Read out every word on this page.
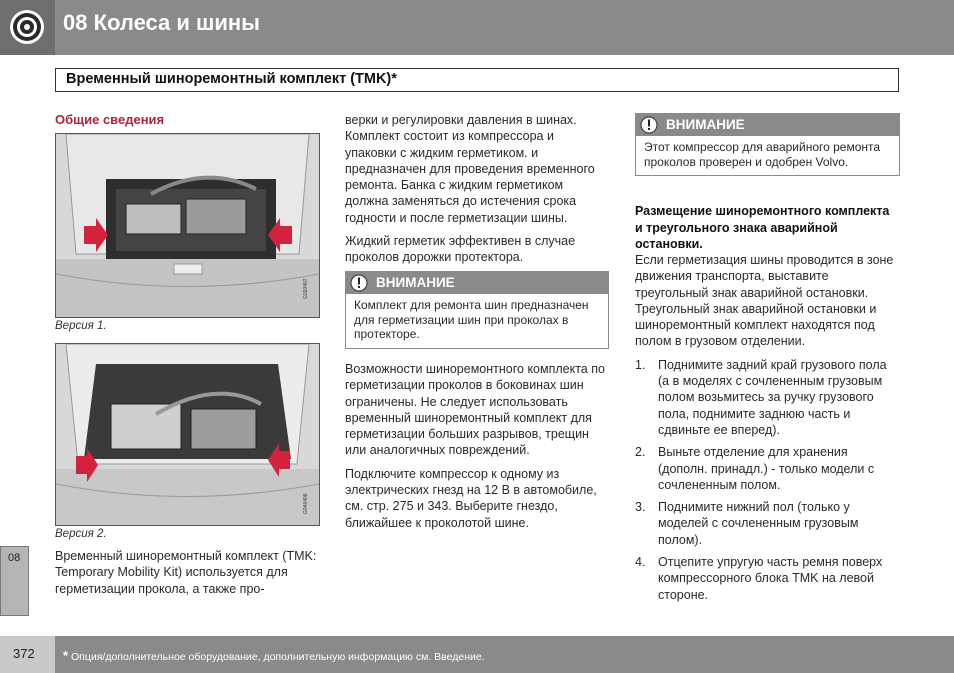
08 Колеса и шины
Временный шиноремонтный комплект (TMK)*
Общие сведения
G020407
Версия 1.
G046408
Версия 2.

Временный шиноремонтный комплект (TMK: Temporary Mobility Kit) используется для герметизации прокола, а также про-

верки и регулировки давления в шинах. Комплект состоит из компрессора и упаковки с жидким герметиком. и предназначен для проведения временного ремонта. Банка с жидким герметиком должна заменяться до истечения срока годности и после герметизации шины.

Жидкий герметик эффективен в случае проколов дорожки протектора.

ВНИМАНИЕ
Комплект для ремонта шин предназначен для герметизации шин при проколах в протекторе.

Возможности шиноремонтного комплекта по герметизации проколов в боковинах шин ограничены. Не следует использовать временный шиноремонтный комплект для герметизации больших разрывов, трещин или аналогичных повреждений.

Подключите компрессор к одному из электрических гнезд на 12 В в автомобиле, см. стр. 275 и 343. Выберите гнездо, ближайшее к проколотой шине.

ВНИМАНИЕ
Этот компрессор для аварийного ремонта проколов проверен и одобрен Volvo.
Размещение шиноремонтного комплекта и треугольного знака аварийной остановки.

Если герметизация шины проводится в зоне движения транспорта, выставите треугольный знак аварийной остановки. Треугольный знак аварийной остановки и шиноремонтный комплект находятся под полом в грузовом отделении.

1. Поднимите задний край грузового пола (а в моделях с сочлененным грузовым полом возьмитесь за ручку грузового пола, поднимите заднюю часть и сдвиньте ее вперед).
2. Выньте отделение для хранения (дополн. принадл.) - только модели с сочлененным полом.
3. Поднимите нижний пол (только у моделей с сочлененным грузовым полом).
4. Отцепите упругую часть ремня поверх компрессорного блока TMK на левой стороне.
08
372 * Опция/дополнительное оборудование, дополнительную информацию см. Введение.
